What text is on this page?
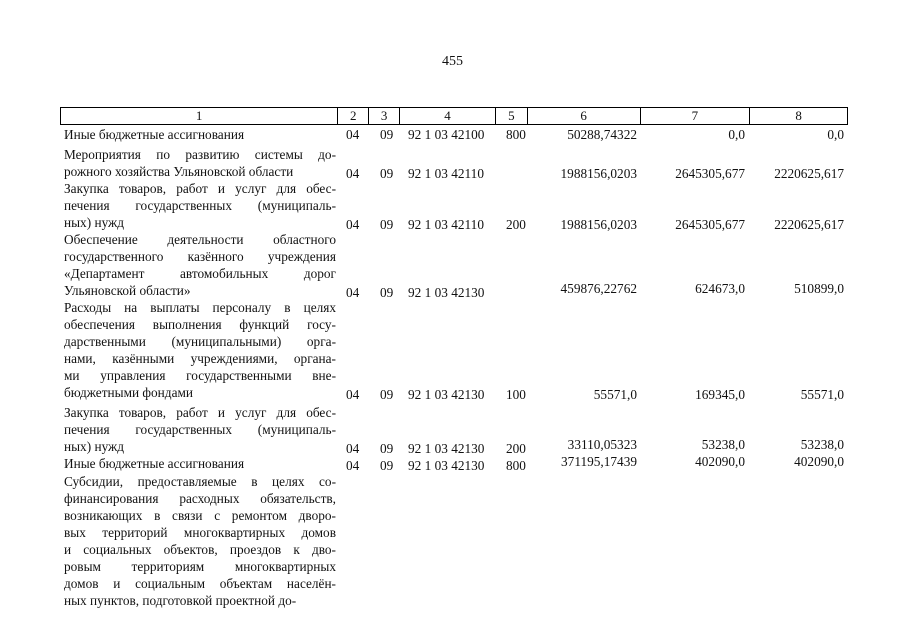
455
1	2	3	4	5	6	7	8
Иные бюджетные ассигнования	04 09 92 1 03 42100 800	50288,74322	0,0	0,0
Мероприятия по развитию системы до-
рожного хозяйства Ульяновской области	04 09 92 1 03 42110	1988156,0203	2645305,677 2220625,617
Закупка товаров, работ и услуг для обес-
печения государственных (муниципаль-
ных) нужд	04 09 92 1 03 42110 200	1988156,0203	2645305,677 2220625,617
Обеспечение деятельности областного
государственного казённого учреждения
«Департамент автомобильных дорог
Ульяновской области»	04 09 92 1 03 42130	459876,22762	624673,0	510899,0
Расходы на выплаты персоналу в целях
обеспечения выполнения функций госу-
дарственными (муниципальными) орга-
нами, казёнными учреждениями, органа-
ми управления государственными вне-
бюджетными фондами	04 09 92 1 03 42130 100	55571,0	169345,0	55571,0
Закупка товаров, работ и услуг для обес-
печения государственных (муниципаль-
ных) нужд	04 09 92 1 03 42130 200	33110,05323	53238,0	53238,0
Иные бюджетные ассигнования	04 09 92 1 03 42130 800	371195,17439	402090,0	402090,0
Субсидии, предоставляемые в целях со-
финансирования расходных обязательств,
возникающих в связи с ремонтом дворо-
вых территорий многоквартирных домов
и социальных объектов, проездов к дво-
ровым территориям многоквартирных
домов и социальным объектам населён-
ных пунктов, подготовкой проектной до-
